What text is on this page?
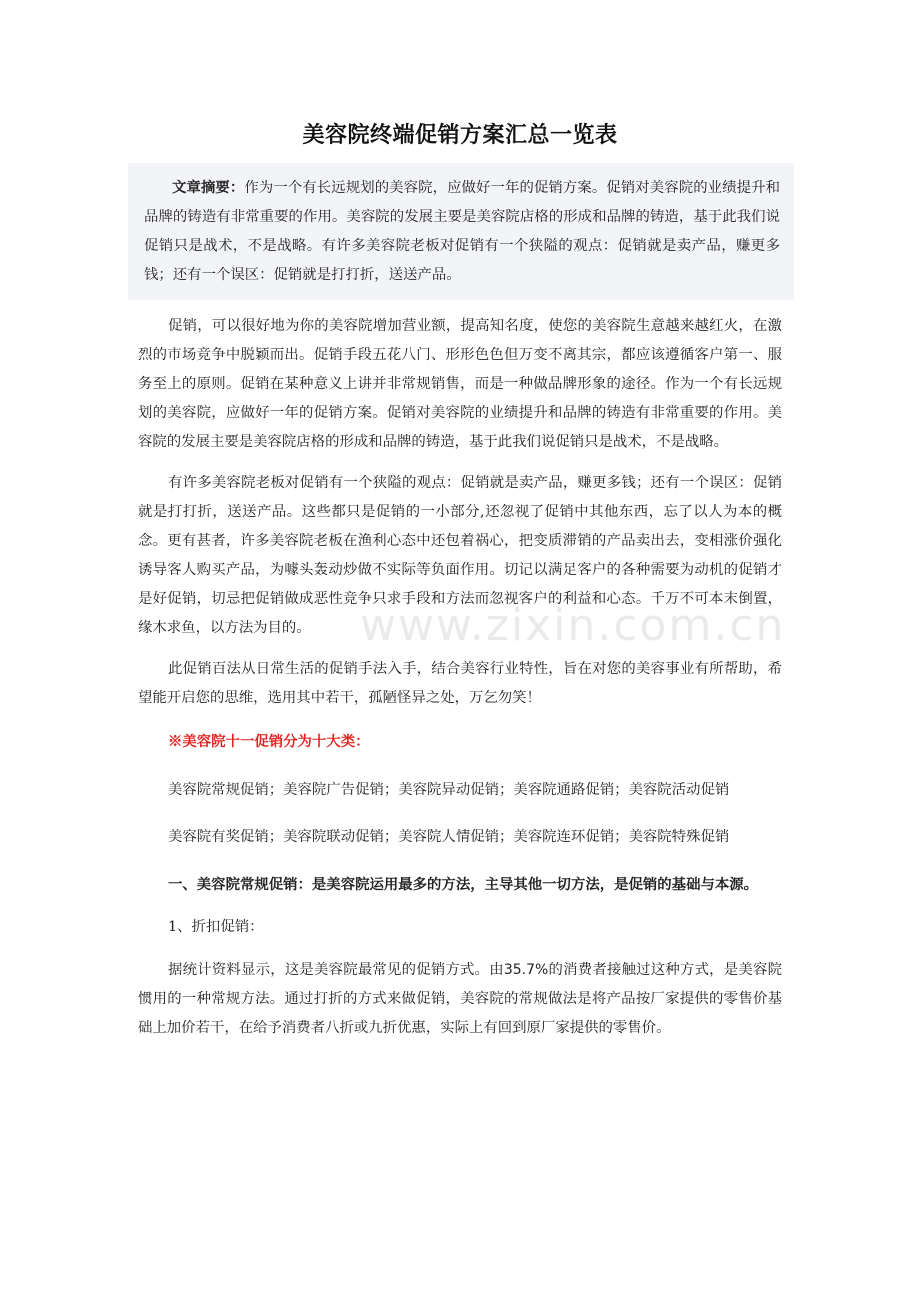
美容院终端促销方案汇总一览表

文章摘要：作为一个有长远规划的美容院，应做好一年的促销方案。促销对美容院的业绩提升和品牌的铸造有非常重要的作用。美容院的发展主要是美容院店格的形成和品牌的铸造，基于此我们说促销只是战术，不是战略。有许多美容院老板对促销有一个狭隘的观点：促销就是卖产品，赚更多钱；还有一个误区：促销就是打打折，送送产品。

促销，可以很好地为你的美容院增加营业额，提高知名度，使您的美容院生意越来越红火，在激烈的市场竞争中脱颖而出。促销手段五花八门、形形色色但万变不离其宗，都应该遵循客户第一、服务至上的原则。促销在某种意义上讲并非常规销售，而是一种做品牌形象的途径。作为一个有长远规划的美容院，应做好一年的促销方案。促销对美容院的业绩提升和品牌的铸造有非常重要的作用。美容院的发展主要是美容院店格的形成和品牌的铸造，基于此我们说促销只是战术，不是战略。

有许多美容院老板对促销有一个狭隘的观点：促销就是卖产品，赚更多钱；还有一个误区：促销就是打打折，送送产品。这些都只是促销的一小部分,还忽视了促销中其他东西，忘了以人为本的概念。更有甚者，许多美容院老板在渔利心态中还包着祸心，把变质滞销的产品卖出去，变相涨价强化诱导客人购买产品，为噱头轰动炒做不实际等负面作用。切记以满足客户的各种需要为动机的促销才是好促销，切忌把促销做成恶性竞争只求手段和方法而忽视客户的利益和心态。千万不可本末倒置，缘木求鱼，以方法为目的。

此促销百法从日常生活的促销手法入手，结合美容行业特性，旨在对您的美容事业有所帮助，希望能开启您的思维，选用其中若干，孤陋怪异之处，万乞勿笑！

※美容院十一促销分为十大类：

美容院常规促销；美容院广告促销；美容院异动促销；美容院通路促销；美容院活动促销

美容院有奖促销；美容院联动促销；美容院人情促销；美容院连环促销；美容院特殊促销

一、美容院常规促销：是美容院运用最多的方法，主导其他一切方法，是促销的基础与本源。

1、折扣促销：

据统计资料显示，这是美容院最常见的促销方式。由35.7%的消费者接触过这种方式，是美容院惯用的一种常规方法。通过打折的方式来做促销，美容院的常规做法是将产品按厂家提供的零售价基础上加价若干，在给予消费者八折或九折优惠，实际上有回到原厂家提供的零售价。

www.zixin.com.cn
